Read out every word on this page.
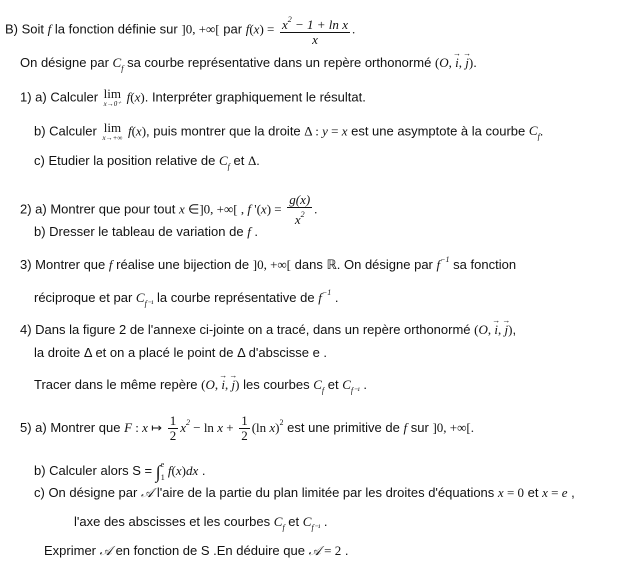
B) Soit f la fonction définie sur ]0, +∞[ par $f(x) = \frac{x^2 - 1 + \ln x}{x}$ .
On désigne par $C_f$ sa courbe représentative dans un repère orthonormé (O, → i, → j).
1) a) Calculer lim
x→0⁺ f(x). Interpréter graphiquement le résultat.
b) Calculer lim
x→+∞ f(x), puis montrer que la droite Δ : y = x est une asymptote à la courbe $C_f$.
c) Etudier la position relative de $C_f$ et Δ.
2) a) Montrer que pour tout x ∈]0, +∞[ , f '$(x) = \frac{g(x)}{x^2}$ .
b) Dresser le tableau de variation de f .
3) Montrer que f réalise une bijection de ]0, +∞[ dans ℝ. On désigne par $f^{-1}$ sa fonction
réciproque et par $C_{f^{-1}}$ la courbe représentative de $f^{-1}$ .
4) Dans la figure 2 de l'annexe ci-jointe on a tracé, dans un repère orthonormé (O, → i, → j),
la droite Δ et on a placé le point de Δ d'abscisse e .
Tracer dans le même repère (O, → i, → j) les courbes $C_f$ et $C_{f^{-1}}$ .
5) a) Montrer que F : x ↦ $\frac{1}{2} x^2 - \ln x + \frac{1}{2} (\ln$ x)$^2$ est une primitive de f sur ]0, +∞[.
b) Calculer alors $S = \int_1^e$ f(x)dx .
c) On désigne par 𝒜 l'aire de la partie du plan limitée par les droites d'équations x = 0 et x = e ,
l'axe des abscisses et les courbes $C_f$ et $C_{f^{-1}}$ .
Exprimer 𝒜 en fonction de S .En déduire que 𝒜 = 2 .
